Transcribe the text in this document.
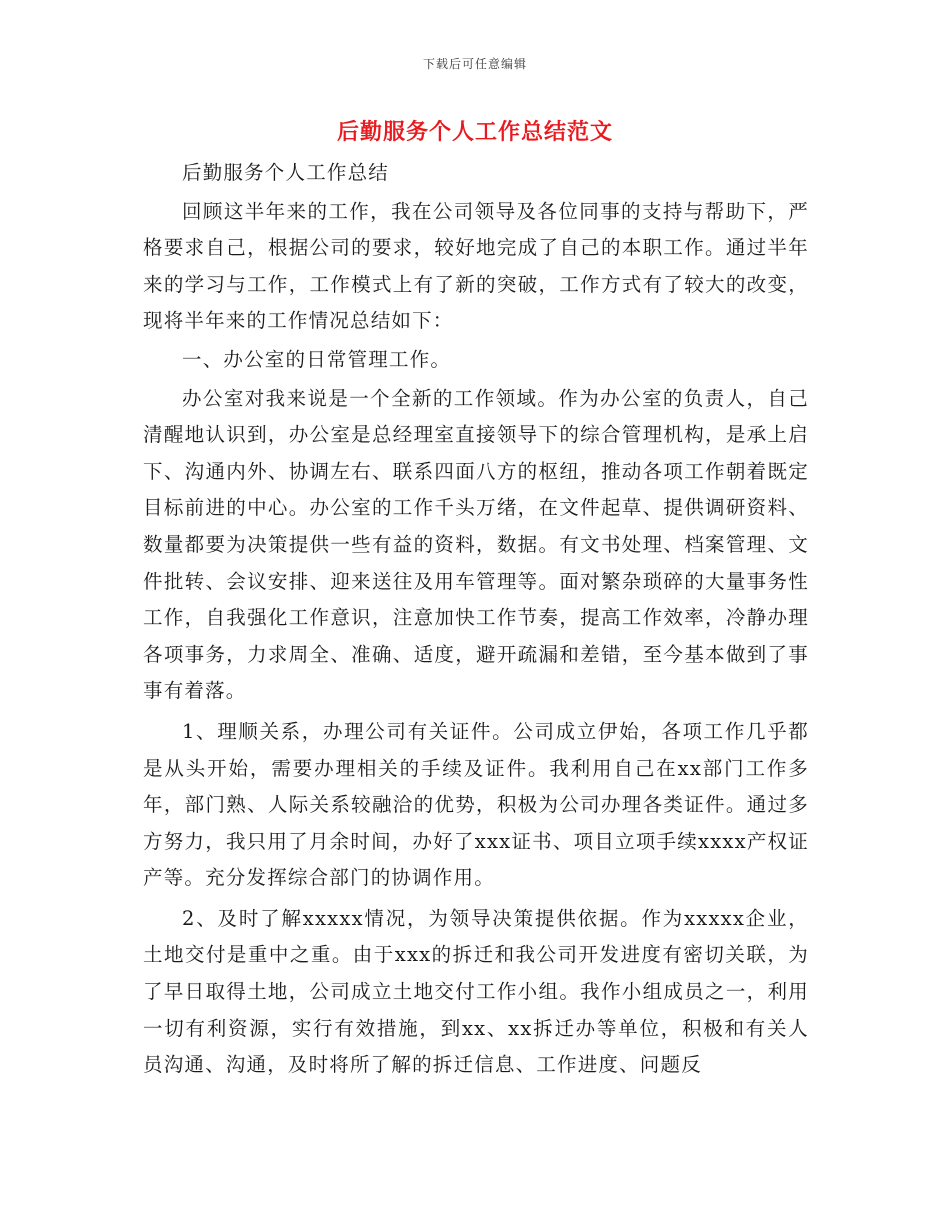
下载后可任意编辑
后勤服务个人工作总结范文

后勤服务个人工作总结

回顾这半年来的工作，我在公司领导及各位同事的支持与帮助下，严格要求自己，根据公司的要求，较好地完成了自己的本职工作。通过半年来的学习与工作，工作模式上有了新的突破，工作方式有了较大的改变，现将半年来的工作情况总结如下：

一、办公室的日常管理工作。

办公室对我来说是一个全新的工作领域。作为办公室的负责人，自己清醒地认识到，办公室是总经理室直接领导下的综合管理机构，是承上启下、沟通内外、协调左右、联系四面八方的枢纽，推动各项工作朝着既定目标前进的中心。办公室的工作千头万绪，在文件起草、提供调研资料、数量都要为决策提供一些有益的资料，数据。有文书处理、档案管理、文件批转、会议安排、迎来送往及用车管理等。面对繁杂琐碎的大量事务性工作，自我强化工作意识，注意加快工作节奏，提高工作效率，冷静办理各项事务，力求周全、准确、适度，避开疏漏和差错，至今基本做到了事事有着落。

1、理顺关系，办理公司有关证件。公司成立伊始，各项工作几乎都是从头开始，需要办理相关的手续及证件。我利用自己在xx部门工作多年，部门熟、人际关系较融洽的优势，积极为公司办理各类证件。通过多方努力，我只用了月余时间，办好了xxx证书、项目立项手续xxxx产权证产等。充分发挥综合部门的协调作用。

2、及时了解xxxxx情况，为领导决策提供依据。作为xxxxx企业，土地交付是重中之重。由于xxx的拆迁和我公司开发进度有密切关联，为了早日取得土地，公司成立土地交付工作小组。我作小组成员之一，利用一切有利资源，实行有效措施，到xx、xx拆迁办等单位，积极和有关人员沟通、沟通，及时将所了解的拆迁信息、工作进度、问题反
